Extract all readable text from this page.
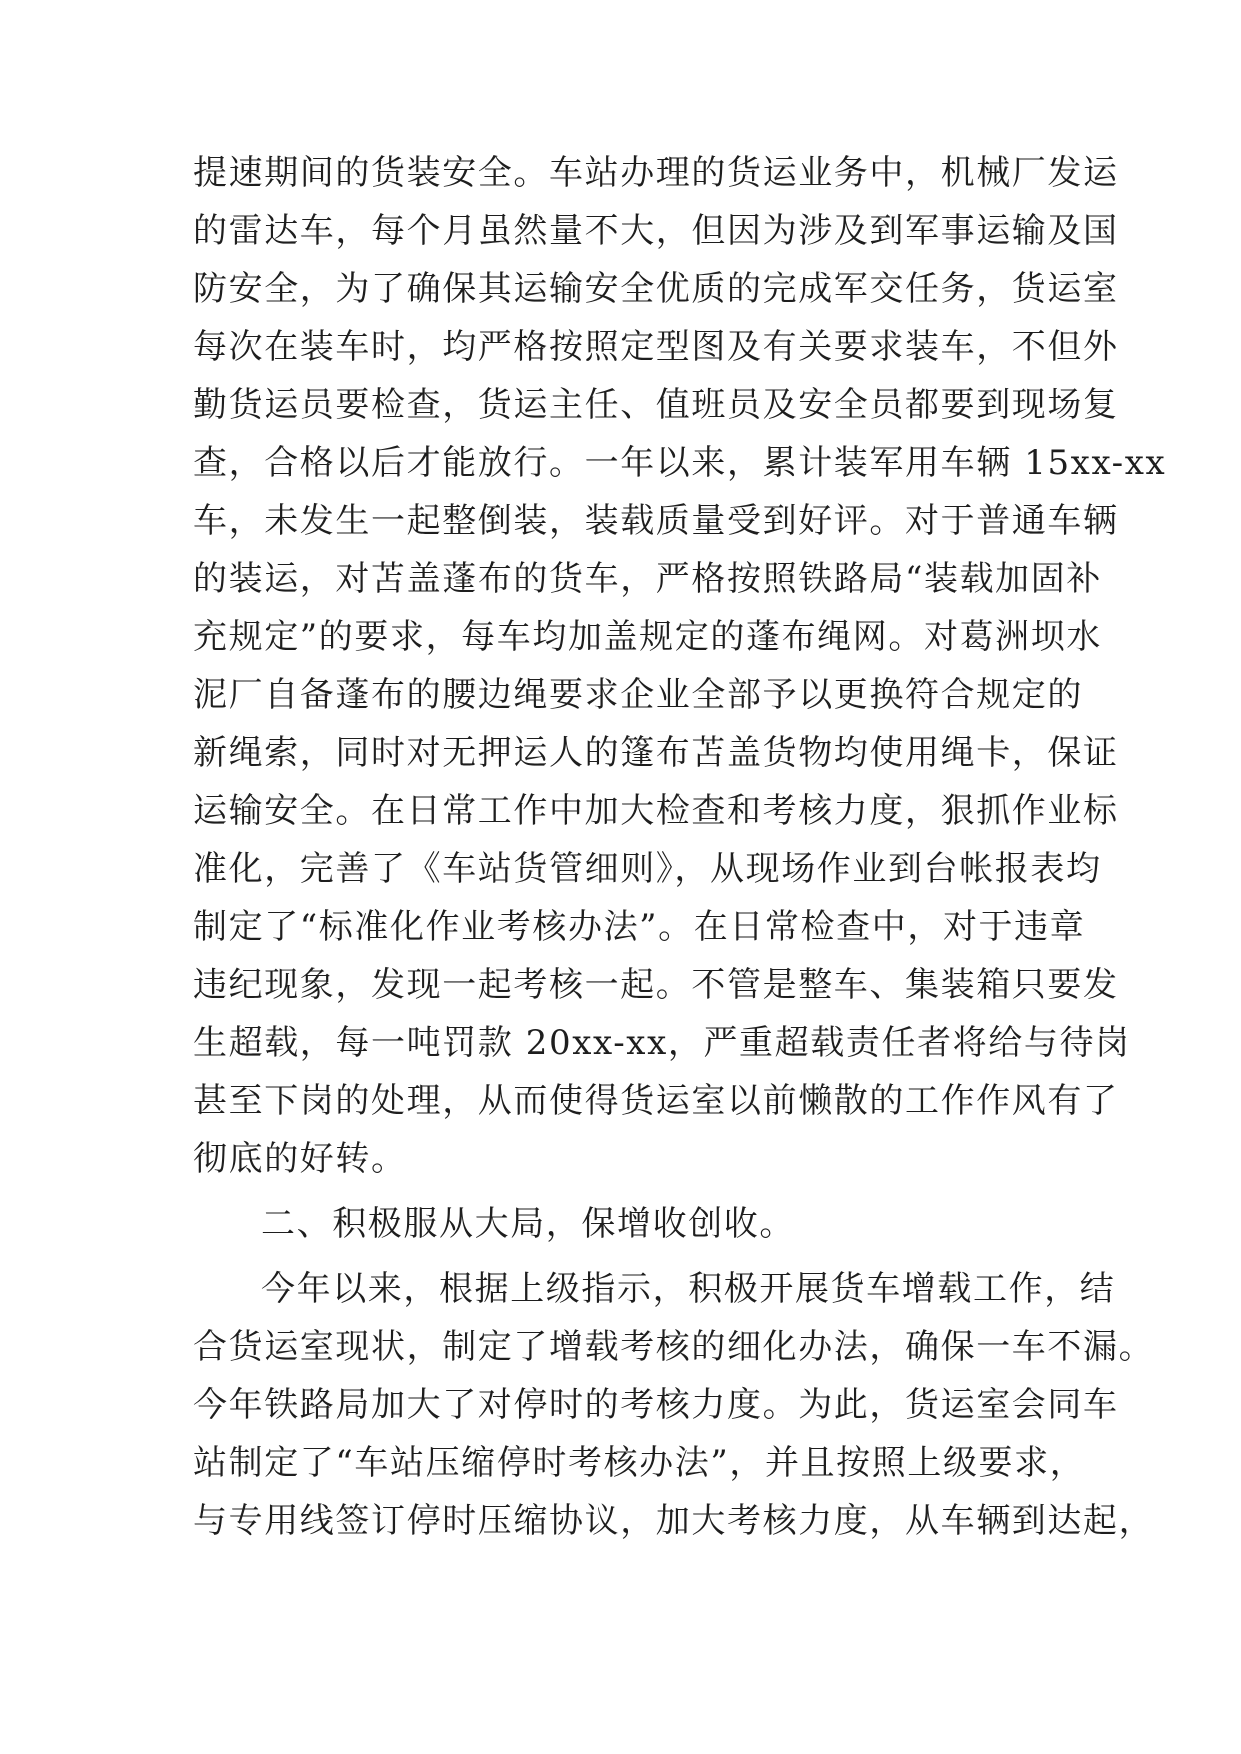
提速期间的货装安全。车站办理的货运业务中，机械厂发运
的雷达车，每个月虽然量不大，但因为涉及到军事运输及国
防安全，为了确保其运输安全优质的完成军交任务，货运室
每次在装车时，均严格按照定型图及有关要求装车，不但外
勤货运员要检查，货运主任、值班员及安全员都要到现场复
查，合格以后才能放行。一年以来，累计装军用车辆 15xx-xx
车，未发生一起整倒装，装载质量受到好评。对于普通车辆
的装运，对苫盖蓬布的货车，严格按照铁路局“装载加固补
充规定”的要求，每车均加盖规定的蓬布绳网。对葛洲坝水
泥厂自备蓬布的腰边绳要求企业全部予以更换符合规定的
新绳索，同时对无押运人的篷布苫盖货物均使用绳卡，保证
运输安全。在日常工作中加大检查和考核力度，狠抓作业标
准化，完善了《车站货管细则》，从现场作业到台帐报表均
制定了“标准化作业考核办法”。在日常检查中，对于违章
违纪现象，发现一起考核一起。不管是整车、集装箱只要发
生超载，每一吨罚款 20xx-xx，严重超载责任者将给与待岗
甚至下岗的处理，从而使得货运室以前懒散的工作作风有了
彻底的好转。
二、积极服从大局，保增收创收。
今年以来，根据上级指示，积极开展货车增载工作，结
合货运室现状，制定了增载考核的细化办法，确保一车不漏。
今年铁路局加大了对停时的考核力度。为此，货运室会同车
站制定了“车站压缩停时考核办法”，并且按照上级要求，
与专用线签订停时压缩协议，加大考核力度，从车辆到达起，
